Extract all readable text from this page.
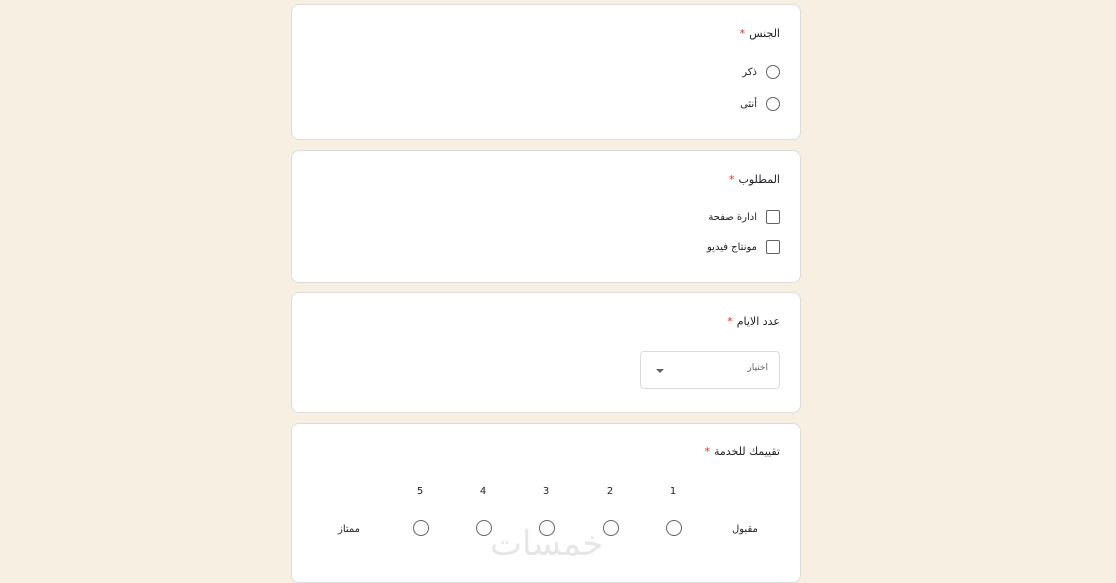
الجنس*
ذكر
أنثى
المطلوب*
ادارة صفحة
مونتاج فيديو
عدد الايام*
اختيار
تقييمك للخدمة*
مقبول
ممتاز
1
2
3
4
5
خمسات
